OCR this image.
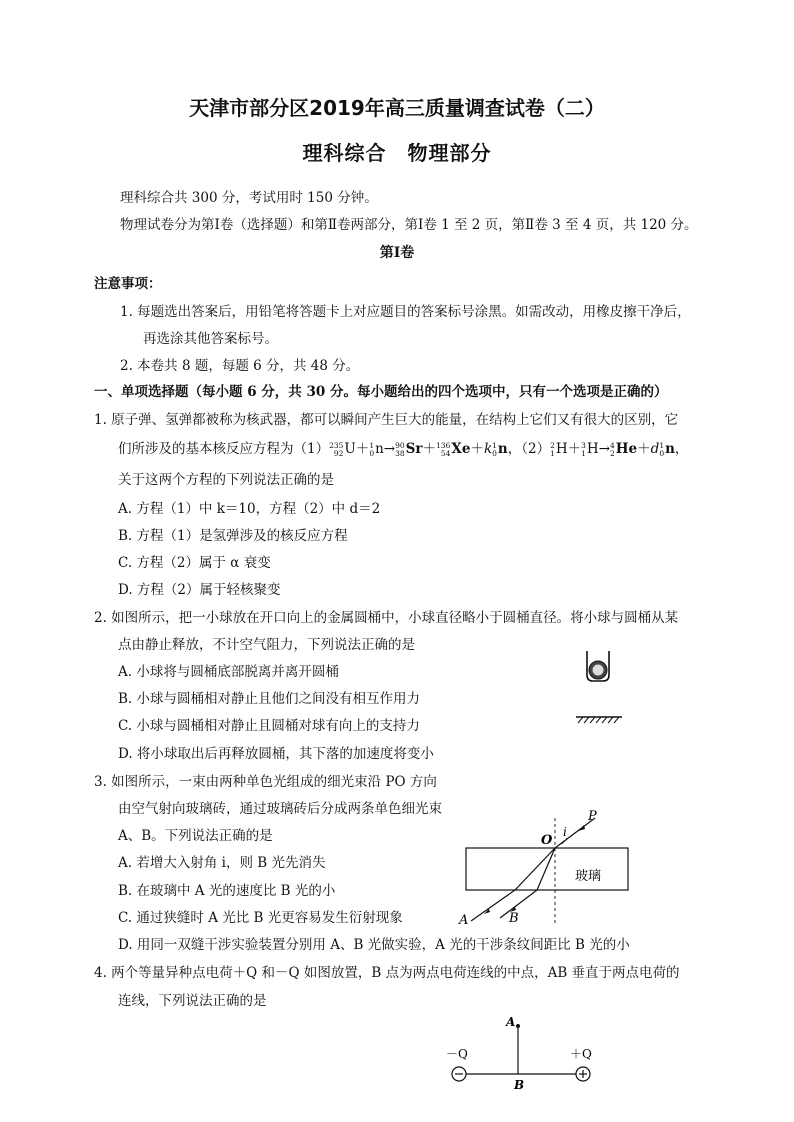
天津市部分区2019年高三质量调查试卷（二）
理科综合　物理部分
理科综合共 300 分，考试用时 150 分钟。
物理试卷分为第Ⅰ卷（选择题）和第Ⅱ卷两部分，第Ⅰ卷 1 至 2 页，第Ⅱ卷 3 至 4 页，共 120 分。
第Ⅰ卷
注意事项：
1. 每题选出答案后，用铅笔将答题卡上对应题目的答案标号涂黑。如需改动，用橡皮擦干净后，
再选涂其他答案标号。
2. 本卷共 8 题，每题 6 分，共 48 分。
一、单项选择题（每小题 6 分，共 30 分。每小题给出的四个选项中，只有一个选项是正确的）
1. 原子弹、氢弹都被称为核武器，都可以瞬间产生巨大的能量，在结构上它们又有很大的区别，它
们所涉及的基本核反应方程为（1） 235
92 U＋ 1
0 n→ 90
38 Sr＋ 136
54 Xe＋k 1
0 n，（2） 2
1 H＋ 3
1 H→ 4
2 He＋d 1
0 n，
关于这两个方程的下列说法正确的是
A. 方程（1）中 k＝10，方程（2）中 d＝2
B. 方程（1）是氢弹涉及的核反应方程
C. 方程（2）属于 α 衰变
D. 方程（2）属于轻核聚变
2. 如图所示，把一小球放在开口向上的金属圆桶中，小球直径略小于圆桶直径。将小球与圆桶从某
点由静止释放，不计空气阻力，下列说法正确的是
A. 小球将与圆桶底部脱离并离开圆桶
B. 小球与圆桶相对静止且他们之间没有相互作用力
C. 小球与圆桶相对静止且圆桶对球有向上的支持力
D. 将小球取出后再释放圆桶，其下落的加速度将变小
3. 如图所示，一束由两种单色光组成的细光束沿 PO 方向
由空气射向玻璃砖，通过玻璃砖后分成两条单色细光束
A、B。下列说法正确的是
A. 若增大入射角 i，则 B 光先消失
B. 在玻璃中 A 光的速度比 B 光的小
C. 通过狭缝时 A 光比 B 光更容易发生衍射现象
D. 用同一双缝干涉实验装置分别用 A、B 光做实验，A 光的干涉条纹间距比 B 光的小
P
O
i
玻璃
A	B
4. 两个等量异种点电荷＋Q 和－Q 如图放置，B 点为两点电荷连线的中点，AB 垂直于两点电荷的
连线，下列说法正确的是
A
B
－Q	＋Q
